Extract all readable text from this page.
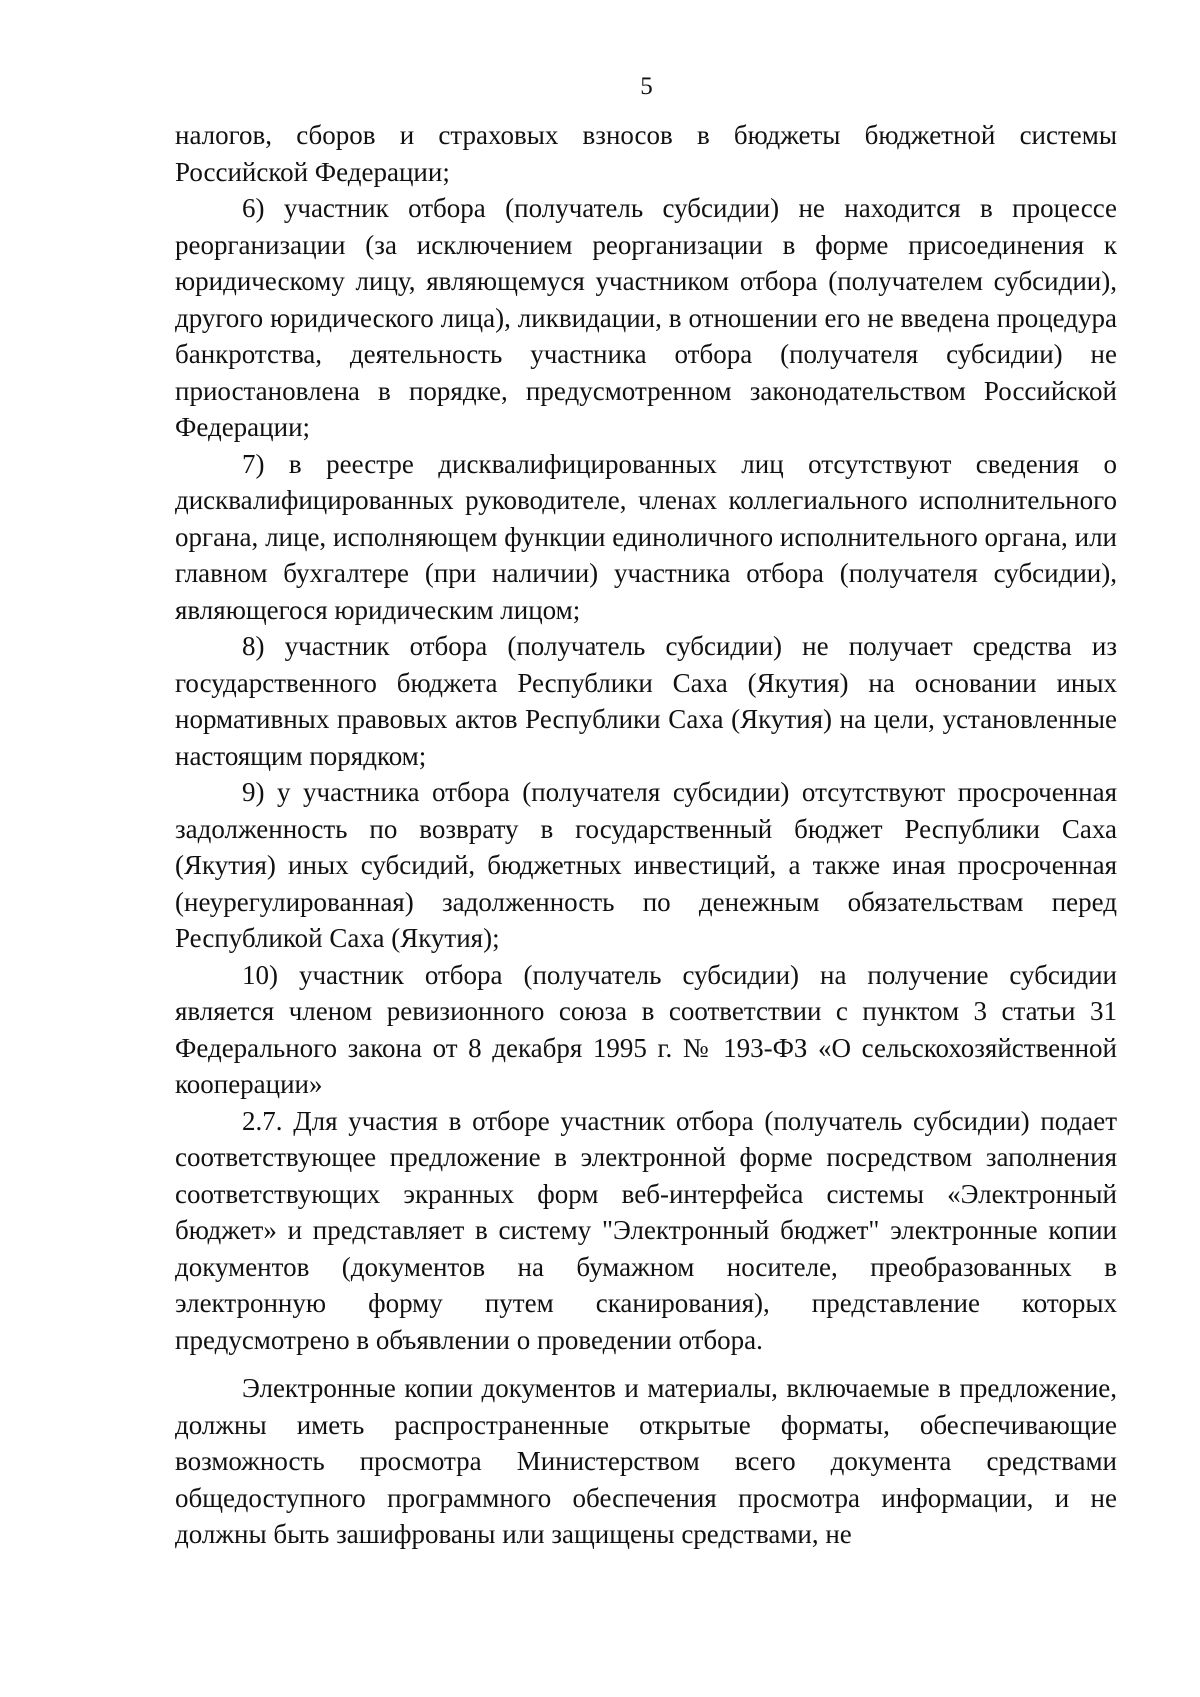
5

налогов, сборов и страховых взносов в бюджеты бюджетной системы Российской Федерации;

6) участник отбора (получатель субсидии) не находится в процессе реорганизации (за исключением реорганизации в форме присоединения к юридическому лицу, являющемуся участником отбора (получателем субсидии), другого юридического лица), ликвидации, в отношении его не введена процедура банкротства, деятельность участника отбора (получателя субсидии) не приостановлена в порядке, предусмотренном законодательством Российской Федерации;

7) в реестре дисквалифицированных лиц отсутствуют сведения о дисквалифицированных руководителе, членах коллегиального исполнительного органа, лице, исполняющем функции единоличного исполнительного органа, или главном бухгалтере (при наличии) участника отбора (получателя субсидии), являющегося юридическим лицом;

8) участник отбора (получатель субсидии) не получает средства из государственного бюджета Республики Саха (Якутия) на основании иных нормативных правовых актов Республики Саха (Якутия) на цели, установленные настоящим порядком;

9) у участника отбора (получателя субсидии) отсутствуют просроченная задолженность по возврату в государственный бюджет Республики Саха (Якутия) иных субсидий, бюджетных инвестиций, а также иная просроченная (неурегулированная) задолженность по денежным обязательствам перед Республикой Саха (Якутия);

10) участник отбора (получатель субсидии) на получение субсидии является членом ревизионного союза в соответствии с пунктом 3 статьи 31 Федерального закона от 8 декабря 1995 г. № 193-ФЗ «О сельскохозяйственной кооперации»

2.7. Для участия в отборе участник отбора (получатель субсидии) подает соответствующее предложение в электронной форме посредством заполнения соответствующих экранных форм веб-интерфейса системы «Электронный бюджет» и представляет в систему "Электронный бюджет" электронные копии документов (документов на бумажном носителе, преобразованных в электронную форму путем сканирования), представление которых предусмотрено в объявлении о проведении отбора.

Электронные копии документов и материалы, включаемые в предложение, должны иметь распространенные открытые форматы, обеспечивающие возможность просмотра Министерством всего документа средствами общедоступного программного обеспечения просмотра информации, и не должны быть зашифрованы или защищены средствами, не
